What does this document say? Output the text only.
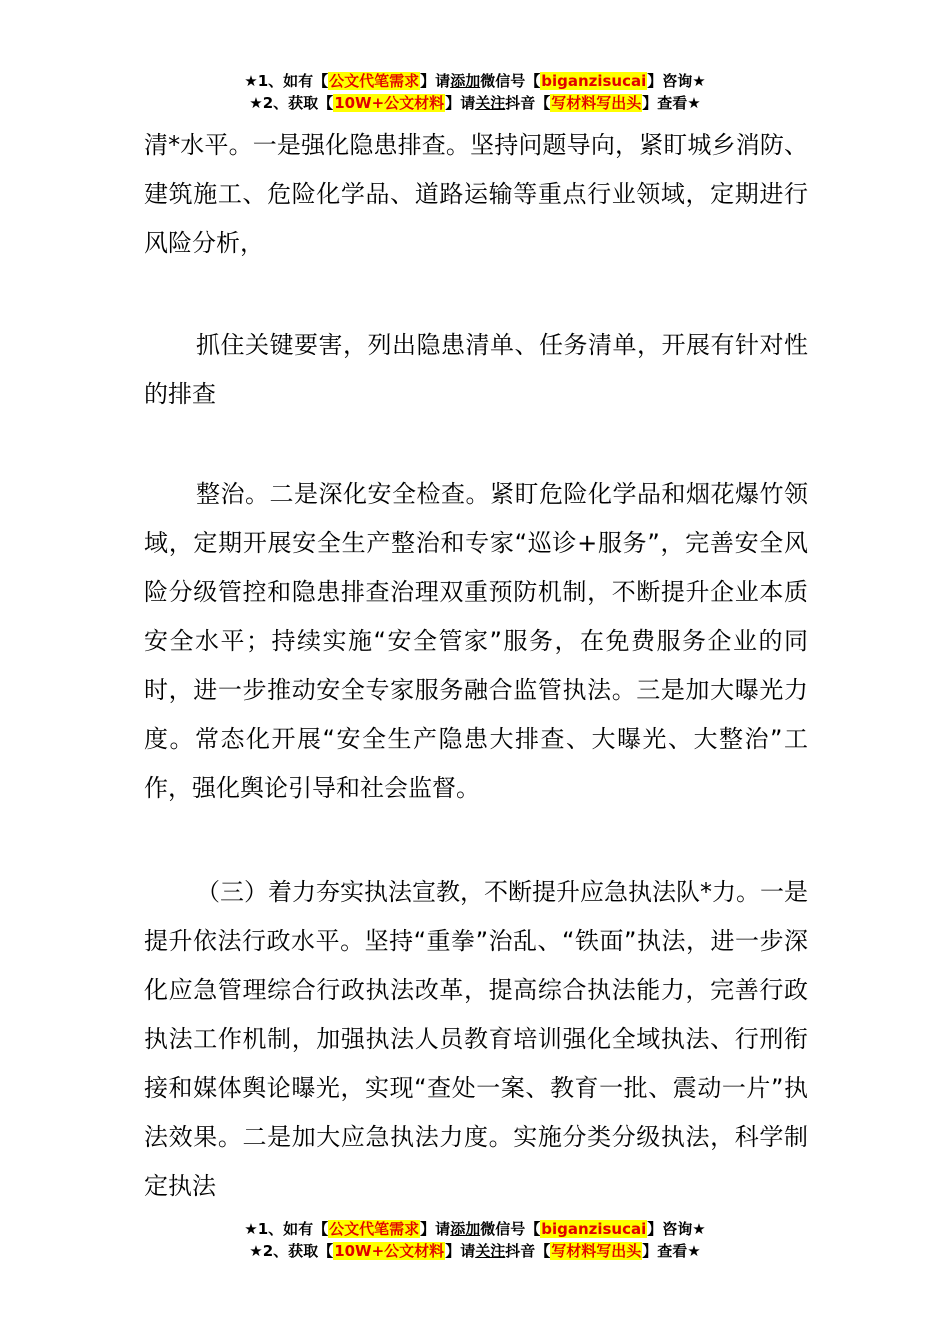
★1、如有【公文代笔需求】请添加微信号【biganzisucai】咨询★
★2、获取【10W+公文材料】请关注抖音【写材料写出头】查看★

清*水平。一是强化隐患排查。坚持问题导向，紧盯城乡消防、建筑施工、危险化学品、道路运输等重点行业领域，定期进行风险分析，

抓住关键要害，列出隐患清单、任务清单，开展有针对性的排查

整治。二是深化安全检查。紧盯危险化学品和烟花爆竹领域，定期开展安全生产整治和专家“巡诊+服务”，完善安全风险分级管控和隐患排查治理双重预防机制，不断提升企业本质安全水平；持续实施“安全管家”服务，在免费服务企业的同时，进一步推动安全专家服务融合监管执法。三是加大曝光力度。常态化开展“安全生产隐患大排查、大曝光、大整治”工作，强化舆论引导和社会监督。

（三）着力夯实执法宣教，不断提升应急执法队*力。一是提升依法行政水平。坚持“重拳”治乱、“铁面”执法，进一步深化应急管理综合行政执法改革，提高综合执法能力，完善行政执法工作机制，加强执法人员教育培训强化全域执法、行刑衔接和媒体舆论曝光，实现“查处一案、教育一批、震动一片”执法效果。二是加大应急执法力度。实施分类分级执法，科学制定执法

★1、如有【公文代笔需求】请添加微信号【biganzisucai】咨询★
★2、获取【10W+公文材料】请关注抖音【写材料写出头】查看★
